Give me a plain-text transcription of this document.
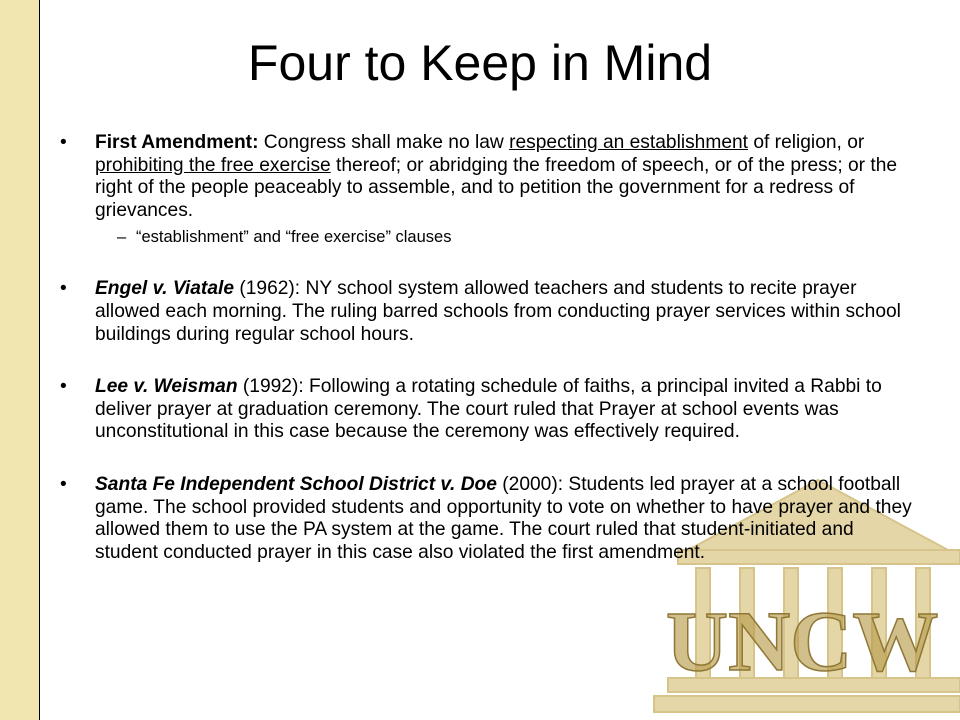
UNCW
Four to Keep in Mind
• First Amendment: Congress shall make no law respecting an establishment of religion, or prohibiting the free exercise thereof; or abridging the freedom of speech, or of the press; or the right of the people peaceably to assemble, and to petition the government for a redress of grievances.
– “establishment” and “free exercise” clauses
• Engel v. Viatale (1962): NY school system allowed teachers and students to recite prayer allowed each morning. The ruling barred schools from conducting prayer services within school buildings during regular school hours.
• Lee v. Weisman (1992): Following a rotating schedule of faiths, a principal invited a Rabbi to deliver prayer at graduation ceremony. The court ruled that Prayer at school events was unconstitutional in this case because the ceremony was effectively required.
• Santa Fe Independent School District v. Doe (2000): Students led prayer at a school football game. The school provided students and opportunity to vote on whether to have prayer and they allowed them to use the PA system at the game. The court ruled that student-initiated and student conducted prayer in this case also violated the first amendment.
